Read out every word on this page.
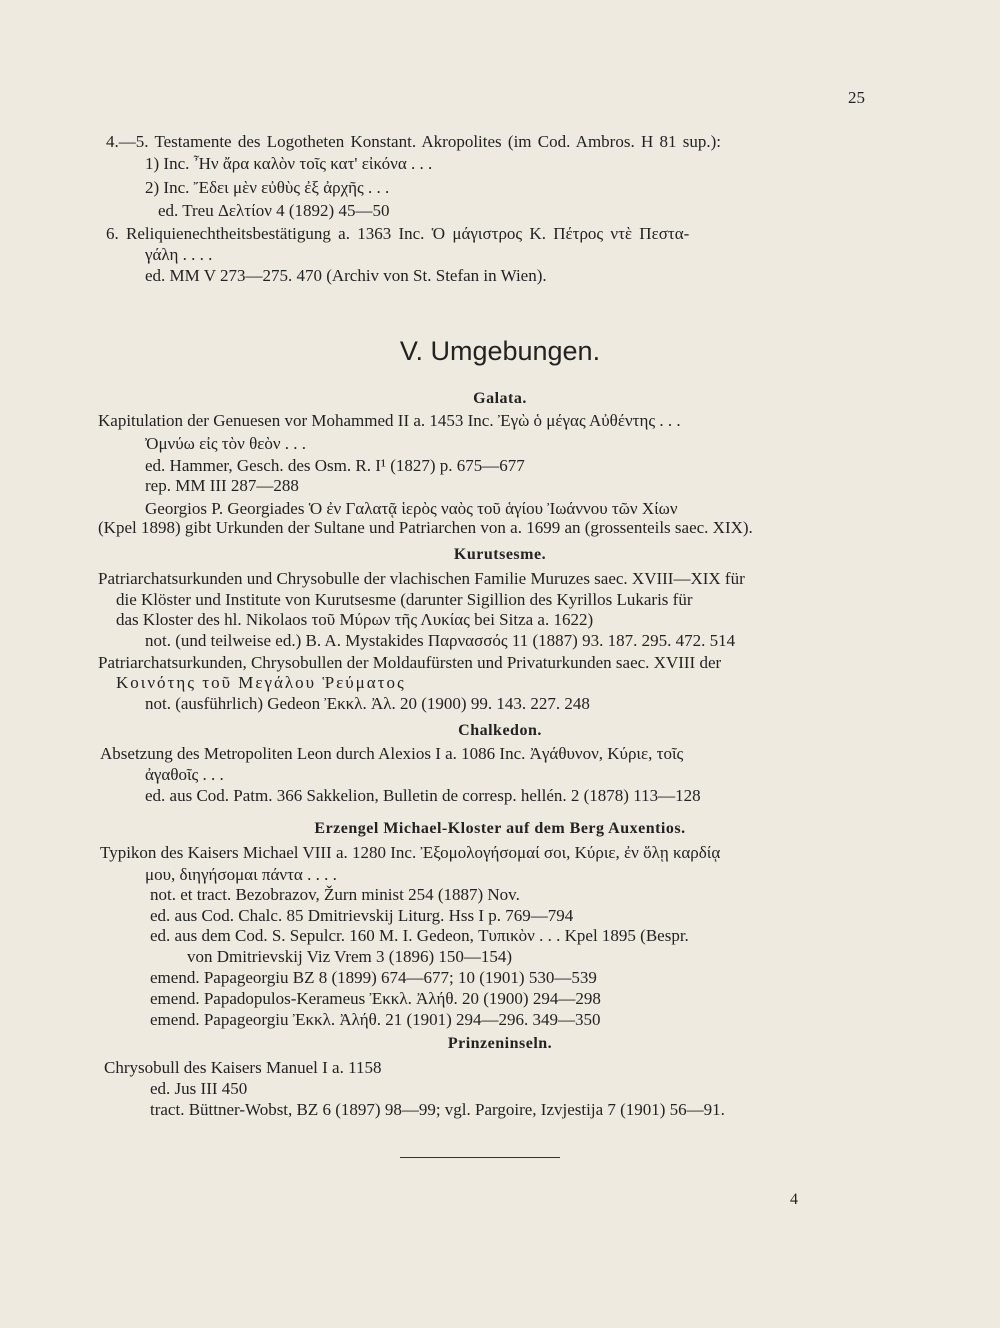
25
4.—5. Testamente des Logotheten Konstant. Akropolites (im Cod. Ambros. H 81 sup.):
1) Inc. Ἦν ἄρα καλὸν τοῖς κατ' εἰκόνα . . .
2) Inc. Ἔδει μὲν εὐθὺς ἐξ ἀρχῆς . . .
ed. Treu Δελτίον 4 (1892) 45—50
6. Reliquienechtheitsbestätigung a. 1363 Inc. Ὁ μάγιστρος Κ. Πέτρος ντὲ Πεστα-
γάλη . . . .
ed. MM V 273—275. 470 (Archiv von St. Stefan in Wien).
V. Umgebungen.
Galata.
Kapitulation der Genuesen vor Mohammed II a. 1453 Inc. Ἐγὼ ὁ μέγας Αὐθέντης . . .
Ὀμνύω εἰς τὸν θεὸν . . .
ed. Hammer, Gesch. des Osm. R. I¹ (1827) p. 675—677
rep. MM III 287—288
Georgios P. Georgiades Ὁ ἐν Γαλατᾷ ἱερὸς ναὸς τοῦ ἁγίου Ἰωάννου τῶν Χίων
(Kpel 1898) gibt Urkunden der Sultane und Patriarchen von a. 1699 an (grossenteils saec. XIX).
Kurutsesme.
Patriarchatsurkunden und Chrysobulle der vlachischen Familie Muruzes saec. XVIII—XIX für
die Klöster und Institute von Kurutsesme (darunter Sigillion des Kyrillos Lukaris für
das Kloster des hl. Nikolaos τοῦ Μύρων τῆς Λυκίας bei Sitza a. 1622)
not. (und teilweise ed.) B. A. Mystakides Παρνασσός 11 (1887) 93. 187. 295. 472. 514
Patriarchatsurkunden, Chrysobullen der Moldaufürsten und Privaturkunden saec. XVIII der
Κοινότης τοῦ Μεγάλου Ῥεύματος
not. (ausführlich) Gedeon Ἐκκλ. Ἀλ. 20 (1900) 99. 143. 227. 248
Chalkedon.
Absetzung des Metropoliten Leon durch Alexios I a. 1086 Inc. Ἀγάθυνον, Κύριε, τοῖς
ἀγαθοῖς . . .
ed. aus Cod. Patm. 366 Sakkelion, Bulletin de corresp. hellén. 2 (1878) 113—128
Erzengel Michael-Kloster auf dem Berg Auxentios.
Typikon des Kaisers Michael VIII a. 1280 Inc. Ἐξομολογήσομαί σοι, Κύριε, ἐν ὅλῃ καρδίᾳ
μου, διηγήσομαι πάντα . . . .
not. et tract. Bezobrazov, Žurn minist 254 (1887) Nov.
ed. aus Cod. Chalc. 85 Dmitrievskij Liturg. Hss I p. 769—794
ed. aus dem Cod. S. Sepulcr. 160 M. I. Gedeon, Τυπικὸν . . . Kpel 1895 (Bespr.
von Dmitrievskij Viz Vrem 3 (1896) 150—154)
emend. Papageorgiu BZ 8 (1899) 674—677; 10 (1901) 530—539
emend. Papadopulos-Kerameus Ἐκκλ. Ἀλήθ. 20 (1900) 294—298
emend. Papageorgiu Ἐκκλ. Ἀλήθ. 21 (1901) 294—296. 349—350
Prinzeninseln.
Chrysobull des Kaisers Manuel I a. 1158
ed. Jus III 450
tract. Büttner-Wobst, BZ 6 (1897) 98—99; vgl. Pargoire, Izvjestija 7 (1901) 56—91.
4
